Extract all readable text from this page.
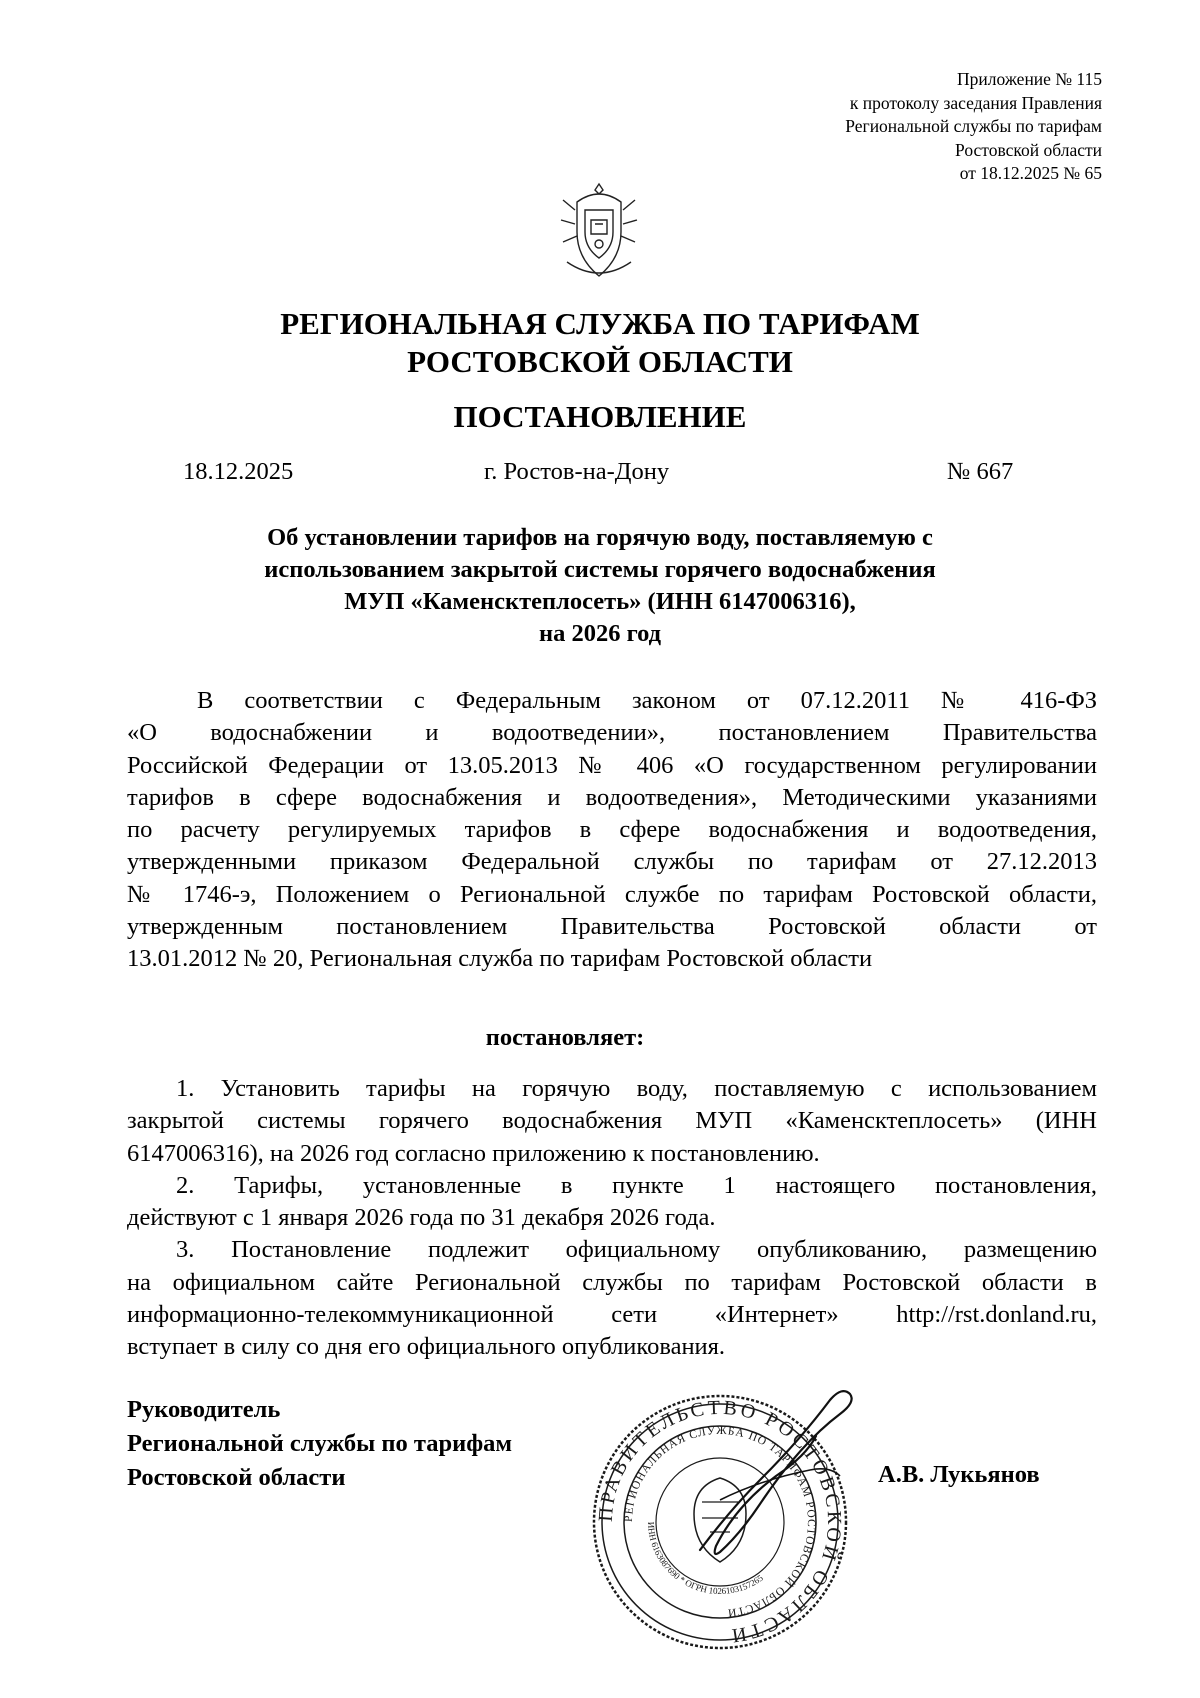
Приложение № 115
к протоколу заседания Правления
Региональной службы по тарифам
Ростовской области
от 18.12.2025 № 65
РЕГИОНАЛЬНАЯ СЛУЖБА ПО ТАРИФАМ
РОСТОВСКОЙ ОБЛАСТИ
ПОСТАНОВЛЕНИЕ
18.12.2025	г. Ростов-на-Дону	№ 667
Об установлении тарифов на горячую воду, поставляемую с
использованием закрытой системы горячего водоснабжения
МУП «Каменсктеплосеть» (ИНН 6147006316),
на 2026 год
В соответствии с Федеральным законом от 07.12.2011 № 416-ФЗ
«О водоснабжении и водоотведении», постановлением Правительства
Российской Федерации от 13.05.2013 № 406 «О государственном регулировании
тарифов в сфере водоснабжения и водоотведения», Методическими указаниями
по расчету регулируемых тарифов в сфере водоснабжения и водоотведения,
утвержденными приказом Федеральной службы по тарифам от 27.12.2013
№ 1746-э, Положением о Региональной службе по тарифам Ростовской области,
утвержденным постановлением Правительства Ростовской области от
13.01.2012 № 20, Региональная служба по тарифам Ростовской области
постановляет:
1. Установить тарифы на горячую воду, поставляемую с использованием
закрытой системы горячего водоснабжения МУП «Каменсктеплосеть» (ИНН
6147006316), на 2026 год согласно приложению к постановлению.
2. Тарифы, установленные в пункте 1 настоящего постановления,
действуют с 1 января 2026 года по 31 декабря 2026 года.
3. Постановление подлежит официальному опубликованию, размещению
на официальном сайте Региональной службы по тарифам Ростовской области в
информационно-телекоммуникационной сети «Интернет» http://rst.donland.ru,
вступает в силу со дня его официального опубликования.
Руководитель
Региональной службы по тарифам
Ростовской области
ПРАВИТЕЛЬСТВО РОСТОВСКОЙ ОБЛАСТИ
РЕГИОНАЛЬНАЯ СЛУЖБА ПО ТАРИФАМ РОСТОВСКОЙ ОБЛАСТИ
ИНН 6163087690 * ОГРН 1026103157265
А.В. Лукьянов
